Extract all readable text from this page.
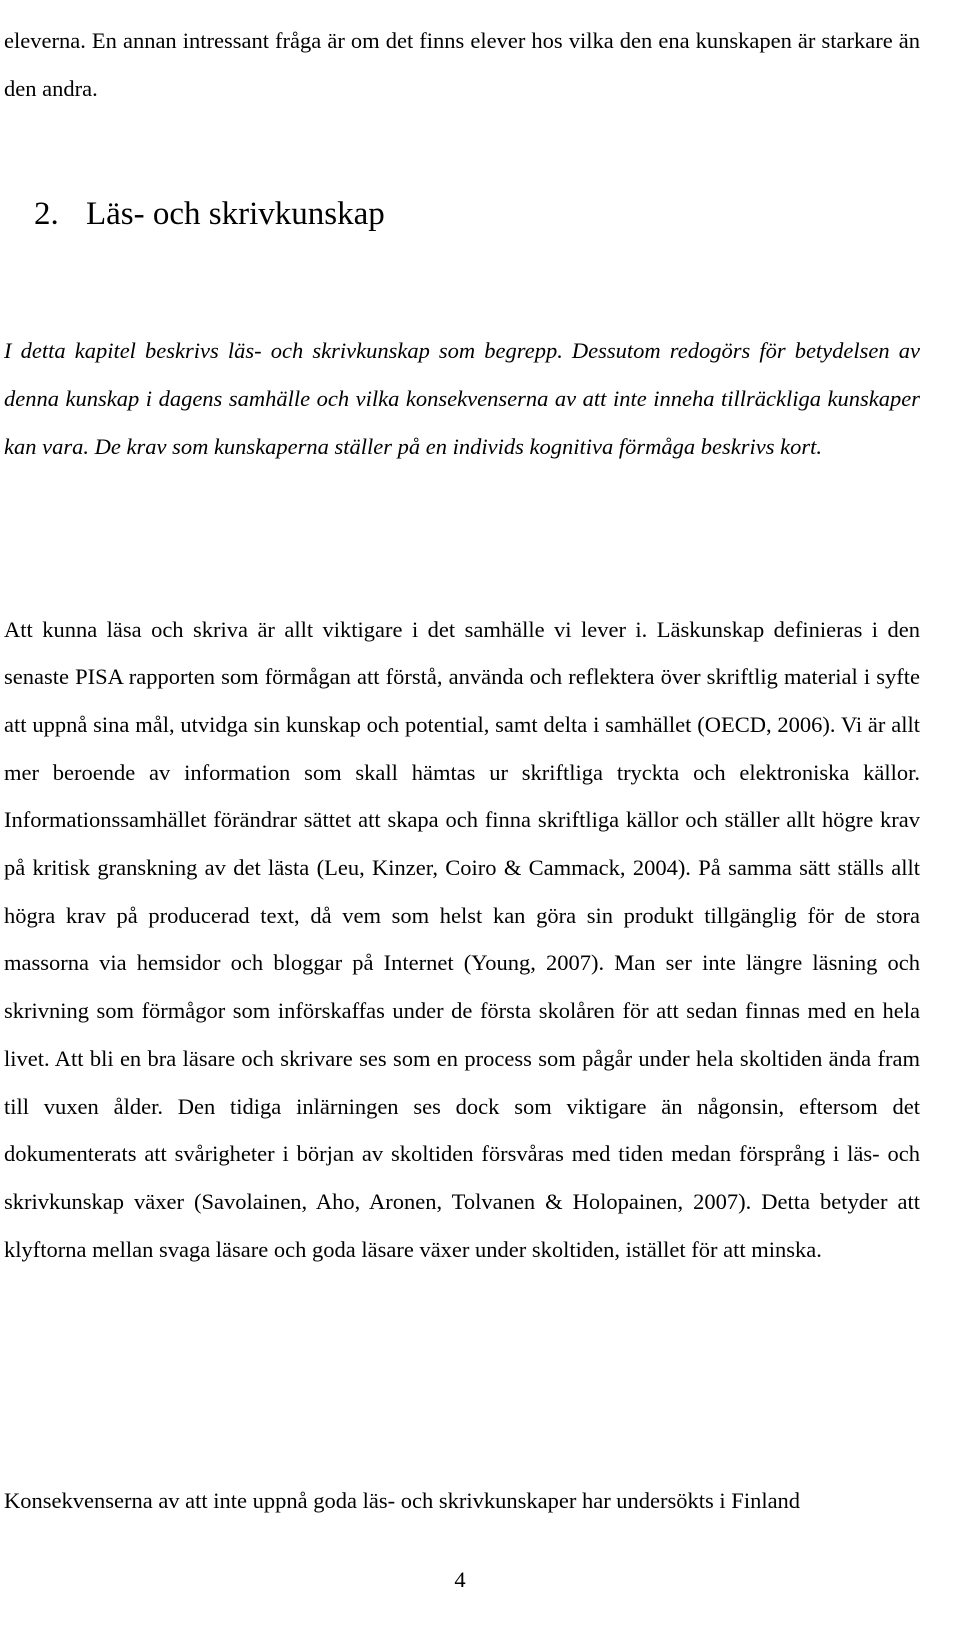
eleverna. En annan intressant fråga är om det finns elever hos vilka den ena kunskapen är starkare än den andra.

2. Läs- och skrivkunskap

I detta kapitel beskrivs läs- och skrivkunskap som begrepp. Dessutom redogörs för betydelsen av denna kunskap i dagens samhälle och vilka konsekvenserna av att inte inneha tillräckliga kunskaper kan vara. De krav som kunskaperna ställer på en individs kognitiva förmåga beskrivs kort.

Att kunna läsa och skriva är allt viktigare i det samhälle vi lever i. Läskunskap definieras i den senaste PISA rapporten som förmågan att förstå, använda och reflektera över skriftlig material i syfte att uppnå sina mål, utvidga sin kunskap och potential, samt delta i samhället (OECD, 2006). Vi är allt mer beroende av information som skall hämtas ur skriftliga tryckta och elektroniska källor. Informationssamhället förändrar sättet att skapa och finna skriftliga källor och ställer allt högre krav på kritisk granskning av det lästa (Leu, Kinzer, Coiro & Cammack, 2004). På samma sätt ställs allt högra krav på producerad text, då vem som helst kan göra sin produkt tillgänglig för de stora massorna via hemsidor och bloggar på Internet (Young, 2007). Man ser inte längre läsning och skrivning som förmågor som införskaffas under de första skolåren för att sedan finnas med en hela livet. Att bli en bra läsare och skrivare ses som en process som pågår under hela skoltiden ända fram till vuxen ålder. Den tidiga inlärningen ses dock som viktigare än någonsin, eftersom det dokumenterats att svårigheter i början av skoltiden försvåras med tiden medan försprång i läs- och skrivkunskap växer (Savolainen, Aho, Aronen, Tolvanen & Holopainen, 2007). Detta betyder att klyftorna mellan svaga läsare och goda läsare växer under skoltiden, istället för att minska.

Konsekvenserna av att inte uppnå goda läs- och skrivkunskaper har undersökts i Finland

4
